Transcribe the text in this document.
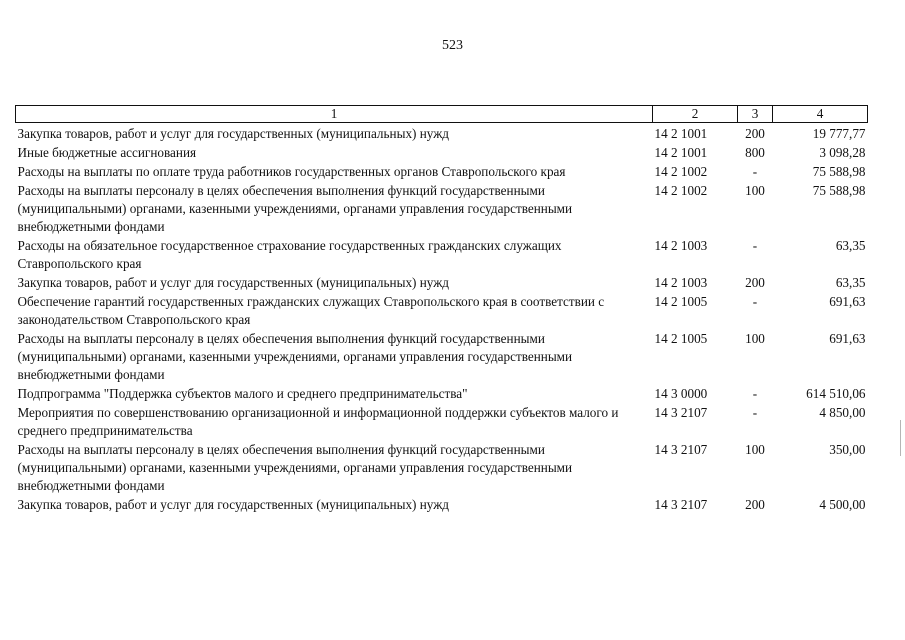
523
1	2	3	4
Закупка товаров, работ и услуг для государственных (муниципальных) нужд	14 2 1001	200	19 777,77
Иные бюджетные ассигнования	14 2 1001	800	3 098,28
Расходы на выплаты по оплате труда работников государственных органов Ставропольского края	14 2 1002	-	75 588,98
Расходы на выплаты персоналу в целях обеспечения выполнения функций государственными (муниципальными) органами, казенными учреждениями, органами управления государственными внебюджетными фондами	14 2 1002	100	75 588,98
Расходы на обязательное государственное страхование государственных гражданских служащих Ставропольского края	14 2 1003	-	63,35
Закупка товаров, работ и услуг для государственных (муниципальных) нужд	14 2 1003	200	63,35
Обеспечение гарантий государственных гражданских служащих Ставропольского края в соответствии с законодательством Ставропольского края	14 2 1005	-	691,63
Расходы на выплаты персоналу в целях обеспечения выполнения функций государственными (муниципальными) органами, казенными учреждениями, органами управления государственными внебюджетными фондами	14 2 1005	100	691,63
Подпрограмма "Поддержка субъектов малого и среднего предпринимательства"	14 3 0000	-	614 510,06
Мероприятия по совершенствованию организационной и информационной поддержки субъектов малого и среднего предпринимательства	14 3 2107	-	4 850,00
Расходы на выплаты персоналу в целях обеспечения выполнения функций государственными (муниципальными) органами, казенными учреждениями, органами управления государственными внебюджетными фондами	14 3 2107	100	350,00
Закупка товаров, работ и услуг для государственных (муниципальных) нужд	14 3 2107	200	4 500,00
